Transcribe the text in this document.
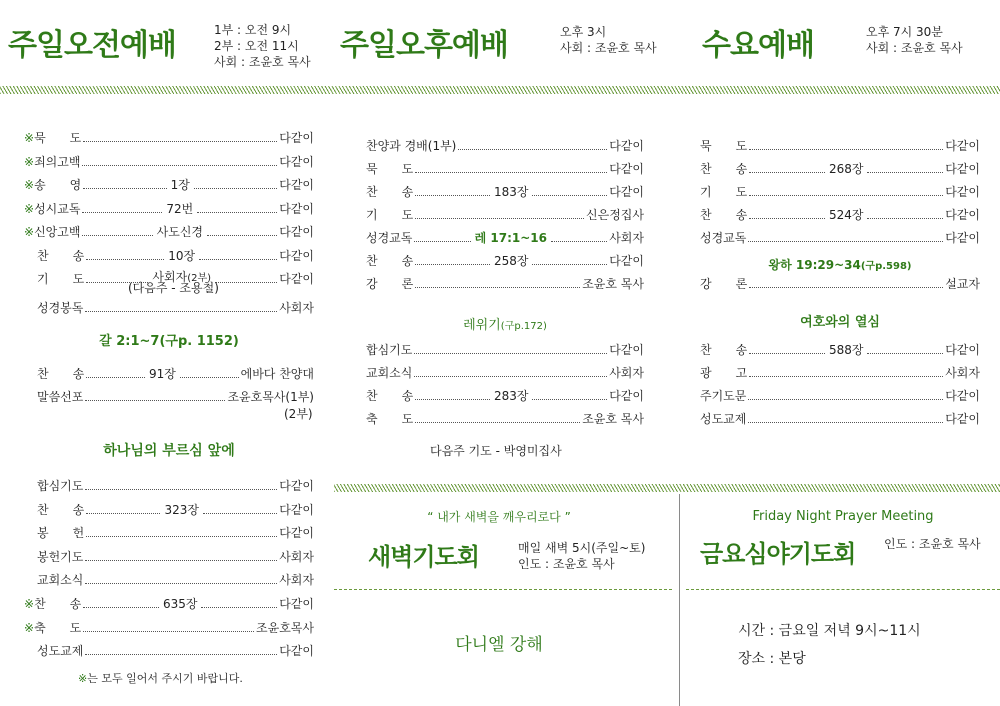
주일오전예배	1부 : 오전 9시
2부 : 오전 11시
사회 : 조윤호 목사 주일오후예배	오후 3시
사회 : 조윤호 목사 수요예배	오후 7시 30분
사회 : 조윤호 목사
※묵　　도	다같이
※죄의고백	다같이
※송　　영	1장	다같이
※성시교독	72번	다같이
※신앙고백	사도신경	다같이
찬　　송	10장	다같이
기　　도	사회자(2부)	다같이
(다음주 - 조용철)
성경봉독	사회자
갈 2:1~7(구p. 1152)
찬　　송	91장	에바다 찬양대
말씀선포	조윤호목사(1부)
(2부)
하나님의 부르심 앞에
합심기도	다같이
찬　　송	323장	다같이
봉　　헌	다같이
봉헌기도	사회자
교회소식	사회자
※찬　　송	635장	다같이
※축　　도	조윤호목사
성도교제	다같이
※는 모두 일어서 주시기 바랍니다.
찬양과 경배(1부)	다같이
묵　　도	다같이
찬　　송	183장	다같이
기　　도	신은정집사
성경교독	레 17:1~16	사회자
찬　　송	258장	다같이
강　　론	조윤호 목사
레위기(구p.172)
합심기도	다같이
교회소식	사회자
찬　　송	283장	다같이
축　　도	조윤호 목사
다음주 기도 - 박영미집사
묵　　도	다같이
찬　　송	268장	다같이
기　　도	다같이
찬　　송	524장	다같이
성경교독	다같이
왕하 19:29~34(구p.598)
강　　론	설교자
여호와의 열심
찬　　송	588장	다같이
광　　고	사회자
주기도문	다같이
성도교제	다같이
“ 내가 새벽을 깨우리로다 ”
새벽기도회	매일 새벽 5시(주일~토)
인도 : 조윤호 목사
다니엘 강해
Friday Night Prayer Meeting
금요심야기도회 인도 : 조윤호 목사
시간 : 금요일 저녁 9시~11시
장소 : 본당
